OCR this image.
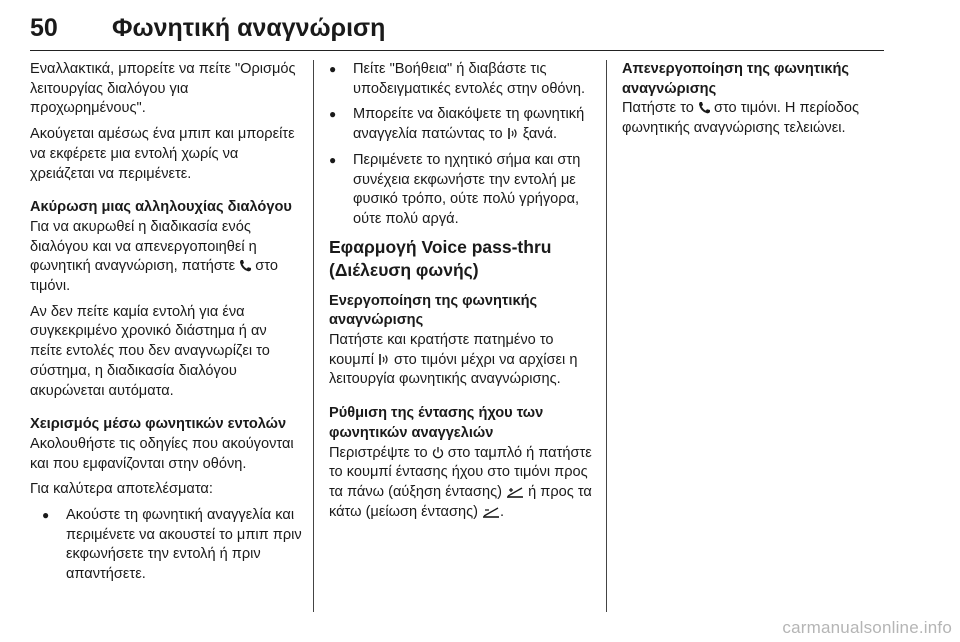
50 Φωνητική αναγνώριση

Εναλλακτικά, μπορείτε να πείτε "Ορισμός λειτουργίας διαλόγου για προχωρημένους".

Ακούγεται αμέσως ένα μπιπ και μπορείτε να εκφέρετε μια εντολή χωρίς να χρειάζεται να περιμένετε.

Ακύρωση μιας αλληλουχίας διαλόγου

Για να ακυρωθεί η διαδικασία ενός διαλόγου και να απενεργοποιηθεί η φωνητική αναγνώριση, πατήστε  στο τιμόνι.

Αν δεν πείτε καμία εντολή για ένα συγκεκριμένο χρονικό διάστημα ή αν πείτε εντολές που δεν αναγνωρίζει το σύστημα, η διαδικασία διαλόγου ακυρώνεται αυτόματα.

Χειρισμός μέσω φωνητικών εντολών

Ακολουθήστε τις οδηγίες που ακούγονται και που εμφανίζονται στην οθόνη.

Για καλύτερα αποτελέσματα:

● Ακούστε τη φωνητική αναγγελία και περιμένετε να ακουστεί το μπιπ πριν εκφωνήσετε την εντολή ή πριν απαντήσετε.
● Πείτε "Βοήθεια" ή διαβάστε τις υποδειγματικές εντολές στην οθόνη.
● Μπορείτε να διακόψετε τη φωνητική αναγγελία πατώντας το  ξανά.
● Περιμένετε το ηχητικό σήμα και στη συνέχεια εκφωνήστε την εντολή με φυσικό τρόπο, ούτε πολύ γρήγορα, ούτε πολύ αργά.
Εφαρμογή Voice pass-thru (Διέλευση φωνής)
Ενεργοποίηση της φωνητικής αναγνώρισης

Πατήστε και κρατήστε πατημένο το κουμπί  στο τιμόνι μέχρι να αρχίσει η λειτουργία φωνητικής αναγνώρισης.

Ρύθμιση της έντασης ήχου των φωνητικών αναγγελιών

Περιστρέψτε το  στο ταμπλό ή πατήστε το κουμπί έντασης ήχου στο τιμόνι προς τα πάνω (αύξηση έντασης)  ή προς τα κάτω (μείωση έντασης) .

Απενεργοποίηση της φωνητικής αναγνώρισης

Πατήστε το  στο τιμόνι. Η περίοδος φωνητικής αναγνώρισης τελειώνει.

carmanualsonline.info
